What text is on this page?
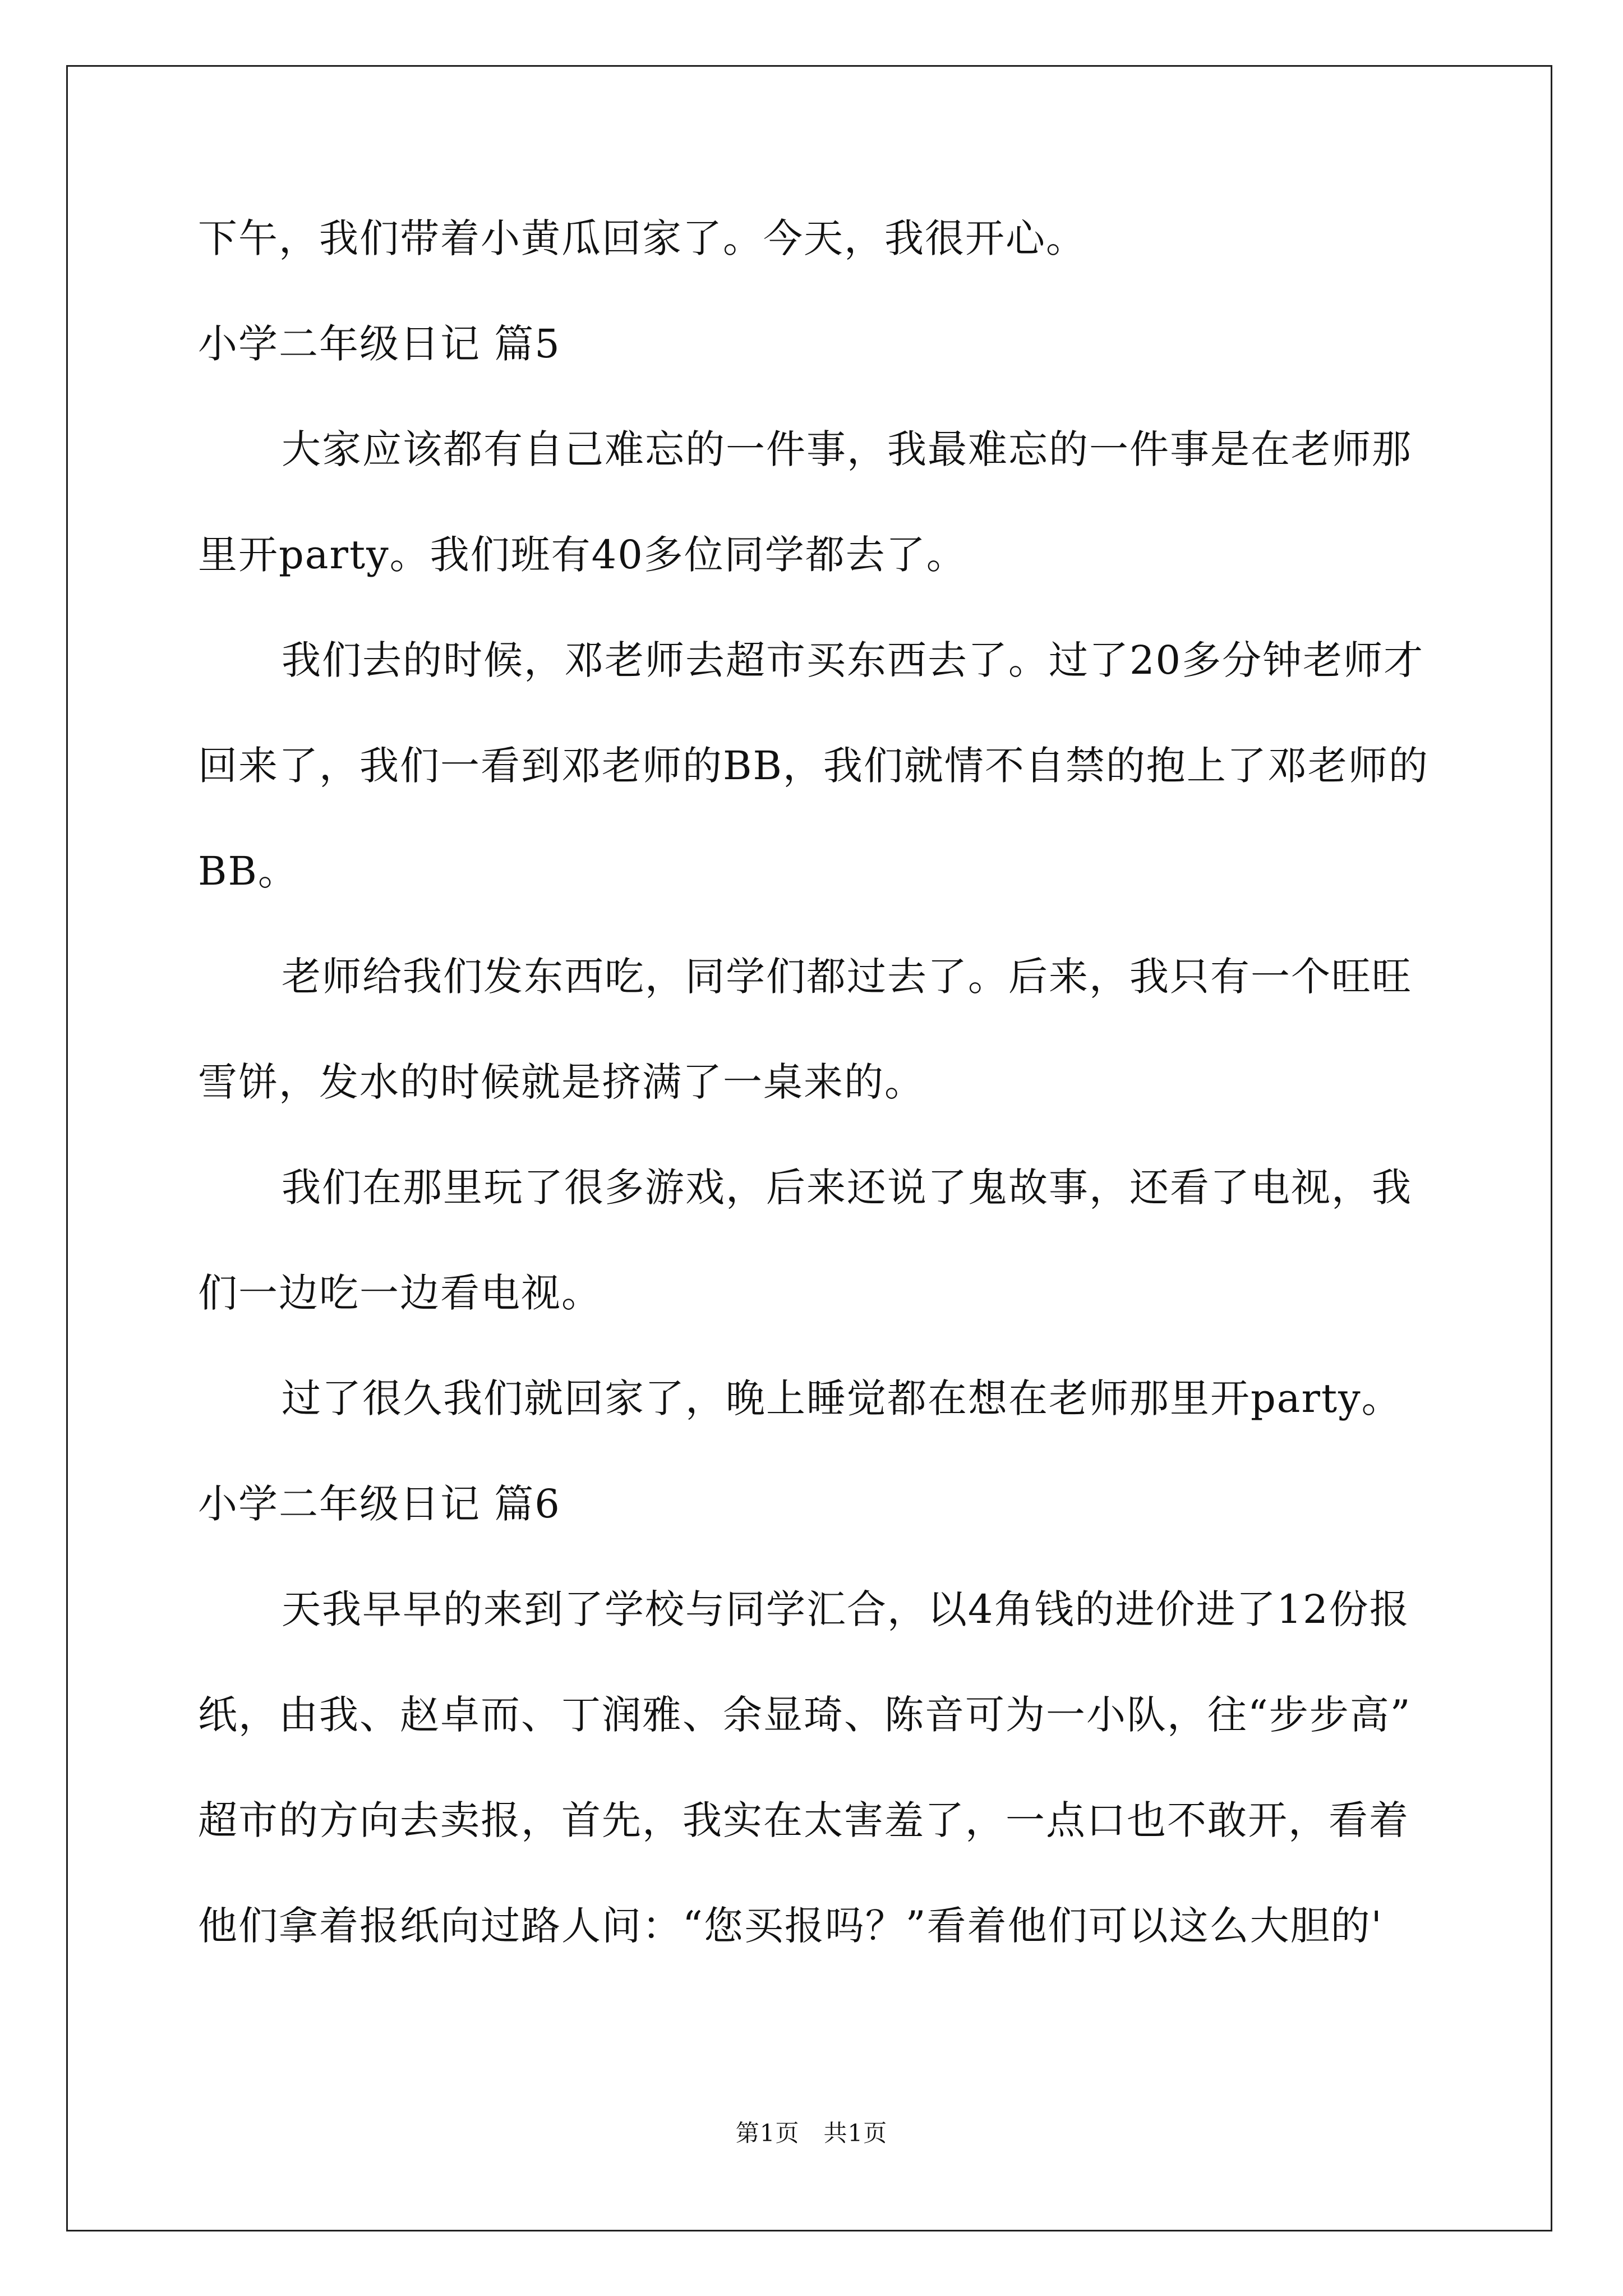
下午，我们带着小黄瓜回家了。今天，我很开心。

小学二年级日记 篇5

大家应该都有自己难忘的一件事，我最难忘的一件事是在老师那

里开party。我们班有40多位同学都去了。

我们去的时候，邓老师去超市买东西去了。过了20多分钟老师才

回来了，我们一看到邓老师的BB，我们就情不自禁的抱上了邓老师的

BB。

老师给我们发东西吃，同学们都过去了。后来，我只有一个旺旺

雪饼，发水的时候就是挤满了一桌来的。

我们在那里玩了很多游戏，后来还说了鬼故事，还看了电视，我

们一边吃一边看电视。

过了很久我们就回家了，晚上睡觉都在想在老师那里开party。

小学二年级日记 篇6

天我早早的来到了学校与同学汇合，以4角钱的进价进了12份报

纸，由我、赵卓而、丁润雅、余显琦、陈音可为一小队，往“步步高”

超市的方向去卖报，首先，我实在太害羞了，一点口也不敢开，看着

他们拿着报纸向过路人问：“您买报吗？”看着他们可以这么大胆的'

第1页　共1页
